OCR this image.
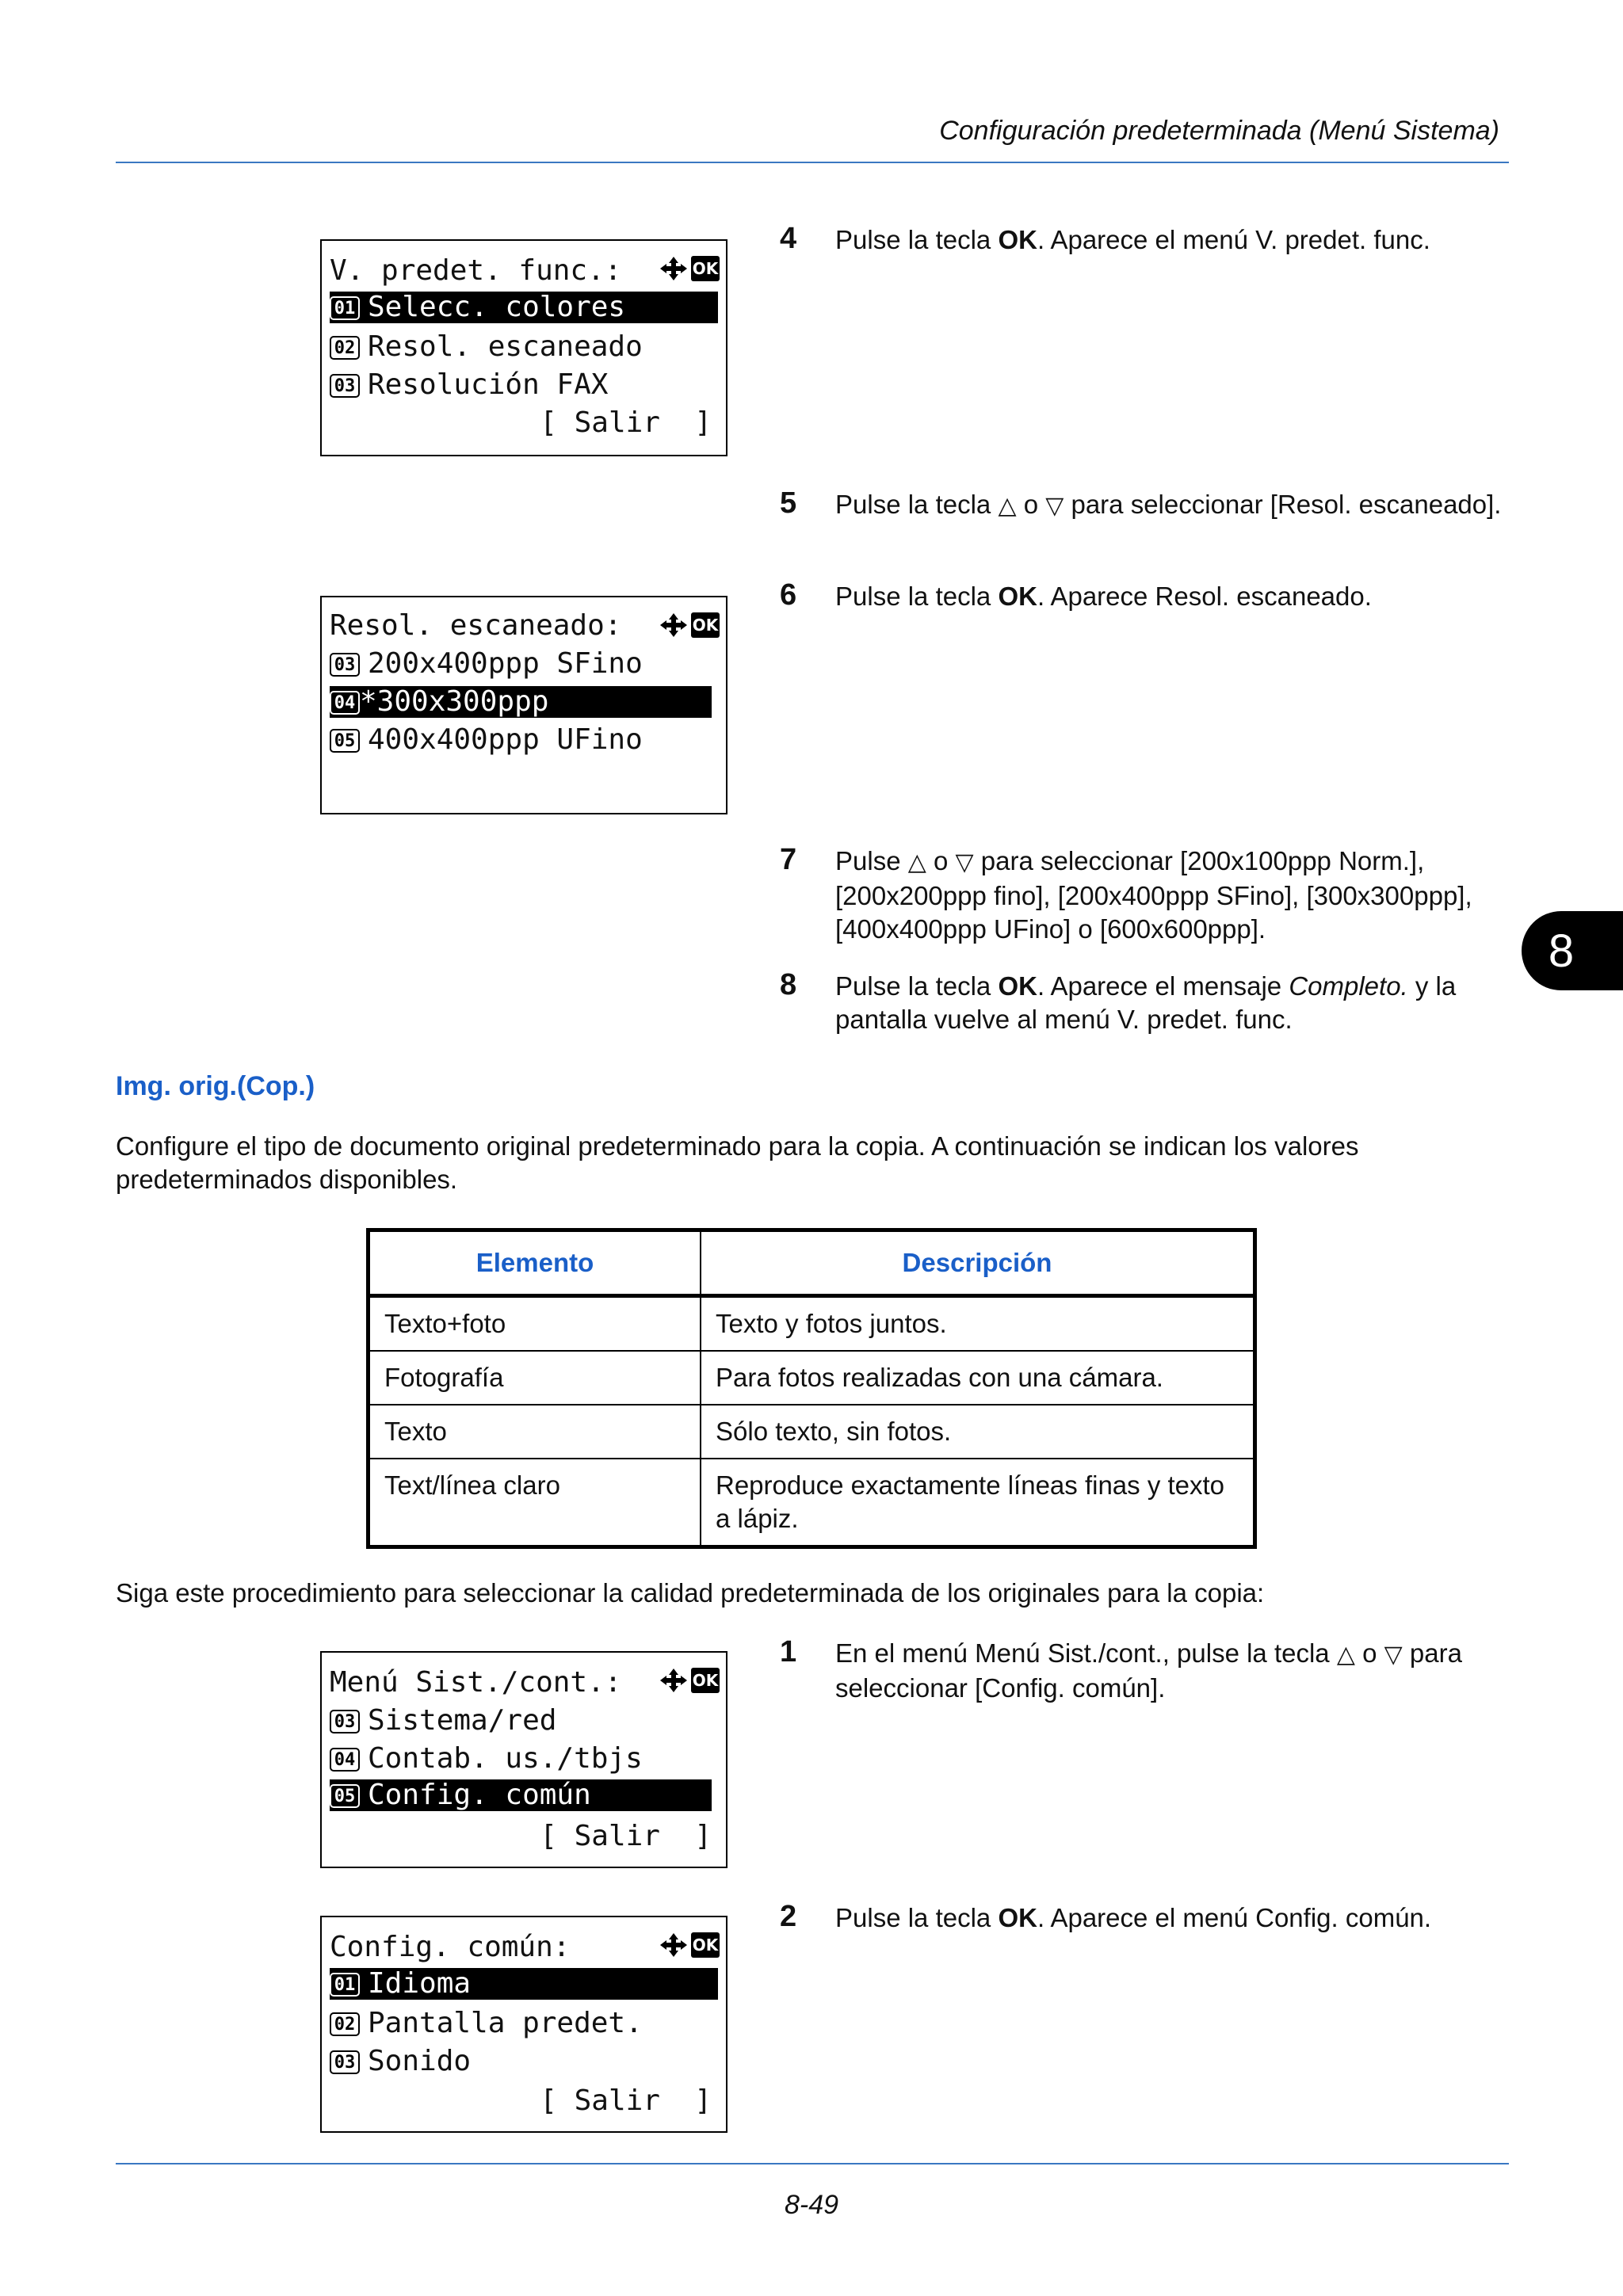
Configuración predeterminada (Menú Sistema)
8
V. predet. func.:	OK
01 Selecc. colores
02 Resol. escaneado
03 Resolución FAX
[ Salir  ]
Resol. escaneado:	OK
03 200x400ppp SFino
04 *300x300ppp
05 400x400ppp UFino
4 Pulse la tecla OK. Aparece el menú V. predet. func.
5 Pulse la tecla △ o ▽ para seleccionar [Resol. escaneado].
6 Pulse la tecla OK. Aparece Resol. escaneado.
7 Pulse △ o ▽ para seleccionar [200x100ppp Norm.], [200x200ppp fino], [200x400ppp SFino], [300x300ppp], [400x400ppp UFino] o [600x600ppp].
8 Pulse la tecla OK. Aparece el mensaje Completo. y la pantalla vuelve al menú V. predet. func.
Img. orig.(Cop.)
Configure el tipo de documento original predeterminado para la copia. A continuación se indican los valores predeterminados disponibles.
Elemento	Descripción
Texto+foto	Texto y fotos juntos.
Fotografía	Para fotos realizadas con una cámara.
Texto	Sólo texto, sin fotos.
Text/línea claro	Reproduce exactamente líneas finas y texto a lápiz.
Siga este procedimiento para seleccionar la calidad predeterminada de los originales para la copia:
Menú Sist./cont.:	OK
03 Sistema/red
04 Contab. us./tbjs
05 Config. común
[ Salir  ]
1 En el menú Menú Sist./cont., pulse la tecla △ o ▽ para seleccionar [Config. común].
Config. común:	OK
01 Idioma
02 Pantalla predet.
03 Sonido
[ Salir  ]
2 Pulse la tecla OK. Aparece el menú Config. común.
8-49
